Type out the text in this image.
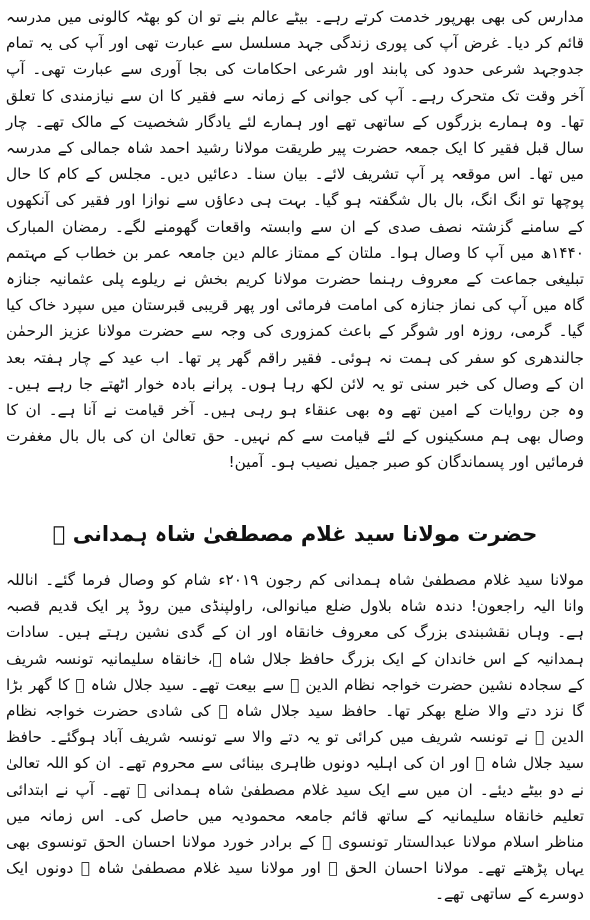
مدارس کی بھی بھرپور خدمت کرتے رہے۔ بیٹے عالم بنے تو ان کو بھٹہ کالونی میں مدرسہ قائم کر دیا۔ غرض آپ کی پوری زندگی جہد مسلسل سے عبارت تھی اور آپ کی یہ تمام جدوجہد شرعی حدود کی پابند اور شرعی احکامات کی بجا آوری سے عبارت تھی۔ آپ آخر وقت تک متحرک رہے۔ آپ کی جوانی کے زمانہ سے فقیر کا ان سے نیازمندی کا تعلق تھا۔ وہ ہمارے بزرگوں کے ساتھی تھے اور ہمارے لئے یادگار شخصیت کے مالک تھے۔ چار سال قبل فقیر کا ایک جمعہ حضرت پیر طریقت مولانا رشید احمد شاہ جمالی کے مدرسہ میں تھا۔ اس موقعہ پر آپ تشریف لائے۔ بیان سنا۔ دعائیں دیں۔ مجلس کے کام کا حال پوچھا تو انگ انگ، بال بال شگفتہ ہو گیا۔ بہت ہی دعاؤں سے نوازا اور فقیر کی آنکھوں کے سامنے گزشتہ نصف صدی کے ان سے وابستہ واقعات گھومنے لگے۔ رمضان المبارک ۱۴۴۰ھ میں آپ کا وصال ہوا۔ ملتان کے ممتاز عالم دین جامعہ عمر بن خطاب کے مہتمم تبلیغی جماعت کے معروف رہنما حضرت مولانا کریم بخش نے ریلوے پلی عثمانیہ جنازہ گاہ میں آپ کی نماز جنازہ کی امامت فرمائی اور پھر قریبی قبرستان میں سپرد خاک کیا گیا۔ گرمی، روزہ اور شوگر کے باعث کمزوری کی وجہ سے حضرت مولانا عزیز الرحمٰن جالندھری کو سفر کی ہمت نہ ہوئی۔ فقیر راقم گھر پر تھا۔ اب عید کے چار ہفتہ بعد ان کے وصال کی خبر سنی تو یہ لائن لکھ رہا ہوں۔ پرانے بادہ خوار اٹھتے جا رہے ہیں۔ وہ جن روایات کے امین تھے وہ بھی عنقاء ہو رہی ہیں۔ آخر قیامت نے آنا ہے۔ ان کا وصال بھی ہم مسکینوں کے لئے قیامت سے کم نہیں۔ حق تعالیٰ ان کی بال بال مغفرت فرمائیں اور پسماندگان کو صبر جمیل نصیب ہو۔ آمین!

حضرت مولانا سید غلام مصطفیٰ شاہ ہمدانی ﷫

مولانا سید غلام مصطفیٰ شاہ ہمدانی کم رجون ۲۰۱۹ء شام کو وصال فرما گئے۔ اناللہ وانا الیہ راجعون! دندہ شاہ بلاول ضلع میانوالی، راولپنڈی مین روڈ پر ایک قدیم قصبہ ہے۔ وہاں نقشبندی بزرگ کی معروف خانقاہ اور ان کے گدی نشین رہتے ہیں۔ سادات ہمدانیہ کے اس خاندان کے ایک بزرگ حافظ جلال شاہ ﷫، خانقاہ سلیمانیہ تونسہ شریف کے سجادہ نشین حضرت خواجہ نظام الدین ﷫ سے بیعت تھے۔ سید جلال شاہ ﷫ کا گھر بڑا گا نزد دتے والا ضلع بھکر تھا۔ حافظ سید جلال شاہ ﷫ کی شادی حضرت خواجہ نظام الدین ﷫ نے تونسہ شریف میں کرائی تو یہ دتے والا سے تونسہ شریف آباد ہوگئے۔ حافظ سید جلال شاہ ﷫ اور ان کی اہلیہ دونوں ظاہری بینائی سے محروم تھے۔ ان کو اللہ تعالیٰ نے دو بیٹے دیئے۔ ان میں سے ایک سید غلام مصطفیٰ شاہ ہمدانی ﷫ تھے۔ آپ نے ابتدائی تعلیم خانقاہ سلیمانیہ کے ساتھ قائم جامعہ محمودیہ میں حاصل کی۔ اس زمانہ میں مناظر اسلام مولانا عبدالستار تونسوی ﷫ کے برادر خورد مولانا احسان الحق تونسوی بھی یہاں پڑھتے تھے۔ مولانا احسان الحق ﷫ اور مولانا سید غلام مصطفیٰ شاہ ﷫ دونوں ایک دوسرے کے ساتھی تھے۔
